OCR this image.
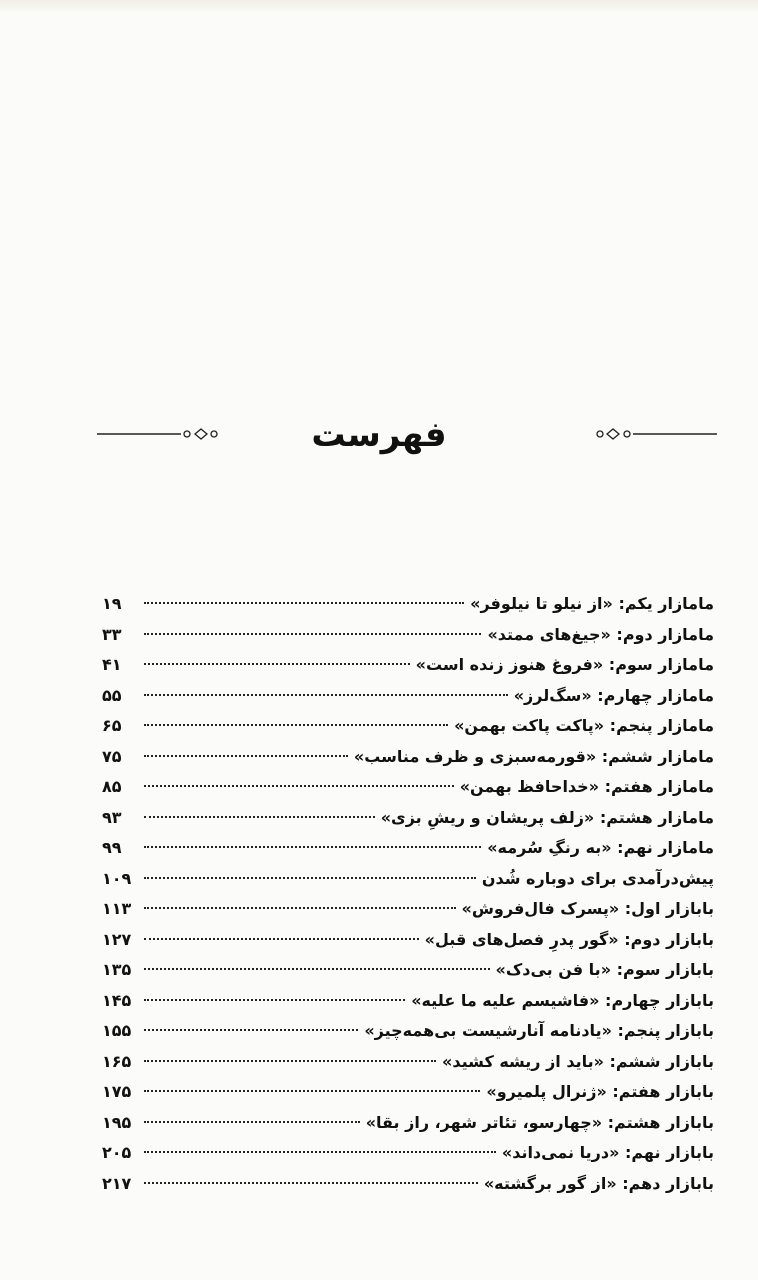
فهرست
مامازار یکم: «از نیلو تا نیلوفر»
۱۹
مامازار دوم: «جیغ‌های ممتد»
۳۳
مامازار سوم: «فروغ هنوز زنده است»
۴۱
مامازار چهارم: «سگ‌لرز»
۵۵
مامازار پنجم: «پاکت پاکت بهمن»
۶۵
مامازار ششم: «قورمه‌سبزی و ظرف مناسب»
۷۵
مامازار هفتم: «خداحافظ بهمن»
۸۵
مامازار هشتم: «زلف پریشان و ریشِ بزی»
۹۳
مامازار نهم: «به رنگِ سُرمه»
۹۹
پیش‌درآمدی برای دوباره شُدن
۱۰۹
بابازار اول: «پسرک فال‌فروش»
۱۱۳
بابازار دوم: «گور پدرِ فصل‌های قبل»
۱۲۷
بابازار سوم: «با فن بی‌دک»
۱۳۵
بابازار چهارم: «فاشیسم علیه ما علیه»
۱۴۵
بابازار پنجم: «یادنامه آنارشیست بی‌همه‌چیز»
۱۵۵
بابازار ششم: «باید از ریشه کشید»
۱۶۵
بابازار هفتم: «ژنرال پلمیرو»
۱۷۵
بابازار هشتم: «چهارسو، تئاتر شهر، راز بقا»
۱۹۵
بابازار نهم: «دریا نمی‌داند»
۲۰۵
بابازار دهم: «از گور برگشته»
۲۱۷
